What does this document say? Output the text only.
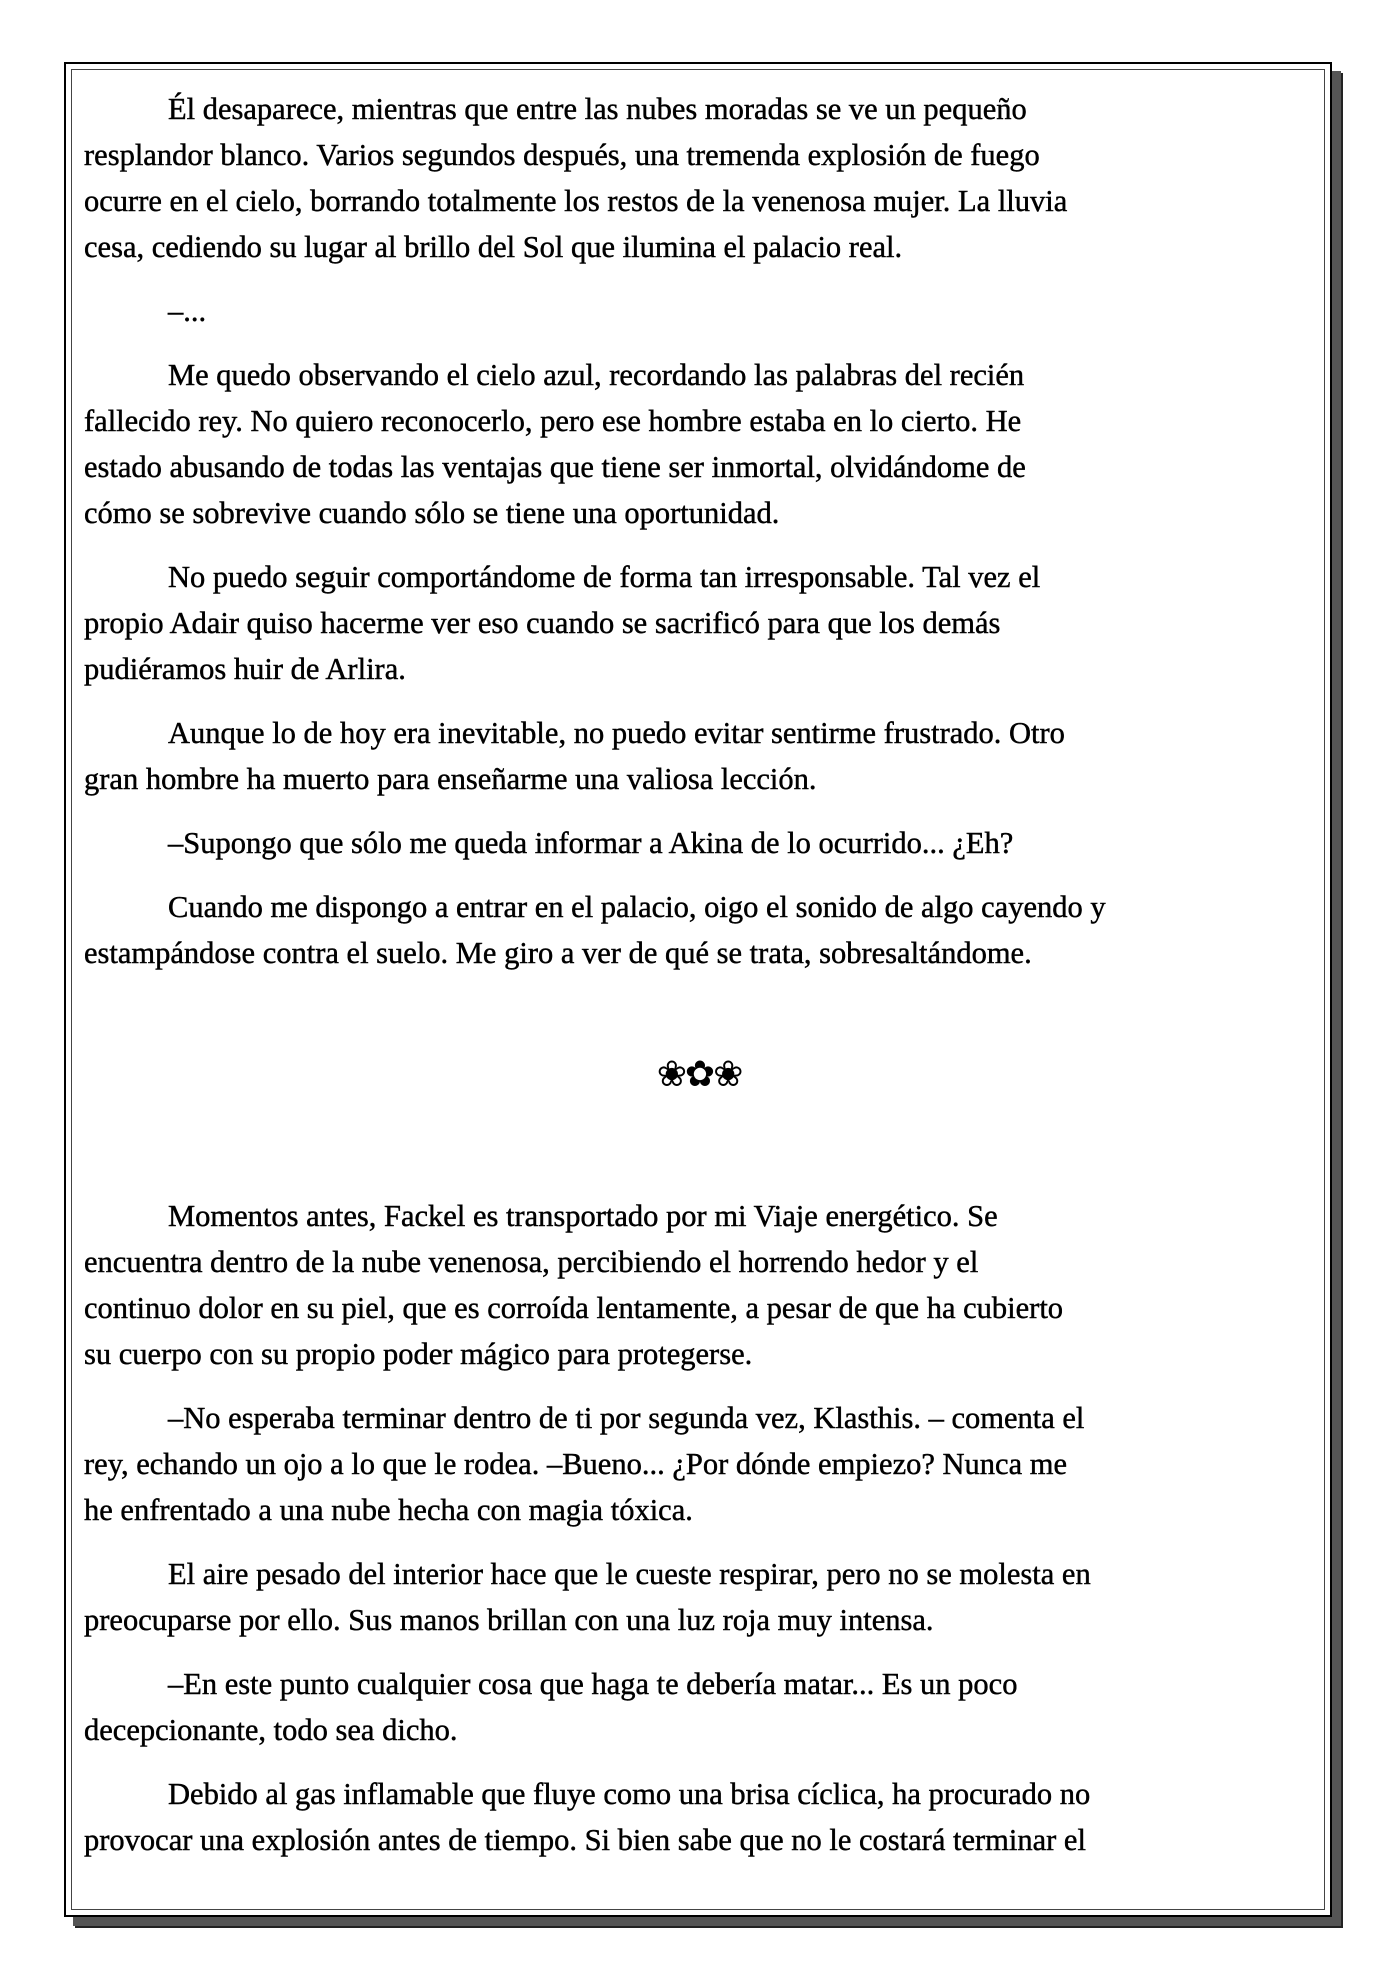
Él desaparece, mientras que entre las nubes moradas se ve un pequeño
resplandor blanco. Varios segundos después, una tremenda explosión de fuego
ocurre en el cielo, borrando totalmente los restos de la venenosa mujer. La lluvia
cesa, cediendo su lugar al brillo del Sol que ilumina el palacio real.

–...

Me quedo observando el cielo azul, recordando las palabras del recién
fallecido rey. No quiero reconocerlo, pero ese hombre estaba en lo cierto. He
estado abusando de todas las ventajas que tiene ser inmortal, olvidándome de
cómo se sobrevive cuando sólo se tiene una oportunidad.

No puedo seguir comportándome de forma tan irresponsable. Tal vez el
propio Adair quiso hacerme ver eso cuando se sacrificó para que los demás
pudiéramos huir de Arlira.

Aunque lo de hoy era inevitable, no puedo evitar sentirme frustrado. Otro
gran hombre ha muerto para enseñarme una valiosa lección.

–Supongo que sólo me queda informar a Akina de lo ocurrido... ¿Eh?

Cuando me dispongo a entrar en el palacio, oigo el sonido de algo cayendo y
estampándose contra el suelo. Me giro a ver de qué se trata, sobresaltándome.

❀✿❀

Momentos antes, Fackel es transportado por mi Viaje energético. Se
encuentra dentro de la nube venenosa, percibiendo el horrendo hedor y el
continuo dolor en su piel, que es corroída lentamente, a pesar de que ha cubierto
su cuerpo con su propio poder mágico para protegerse.

–No esperaba terminar dentro de ti por segunda vez, Klasthis. – comenta el
rey, echando un ojo a lo que le rodea. –Bueno... ¿Por dónde empiezo? Nunca me
he enfrentado a una nube hecha con magia tóxica.

El aire pesado del interior hace que le cueste respirar, pero no se molesta en
preocuparse por ello. Sus manos brillan con una luz roja muy intensa.

–En este punto cualquier cosa que haga te debería matar... Es un poco
decepcionante, todo sea dicho.

Debido al gas inflamable que fluye como una brisa cíclica, ha procurado no
provocar una explosión antes de tiempo. Si bien sabe que no le costará terminar el
